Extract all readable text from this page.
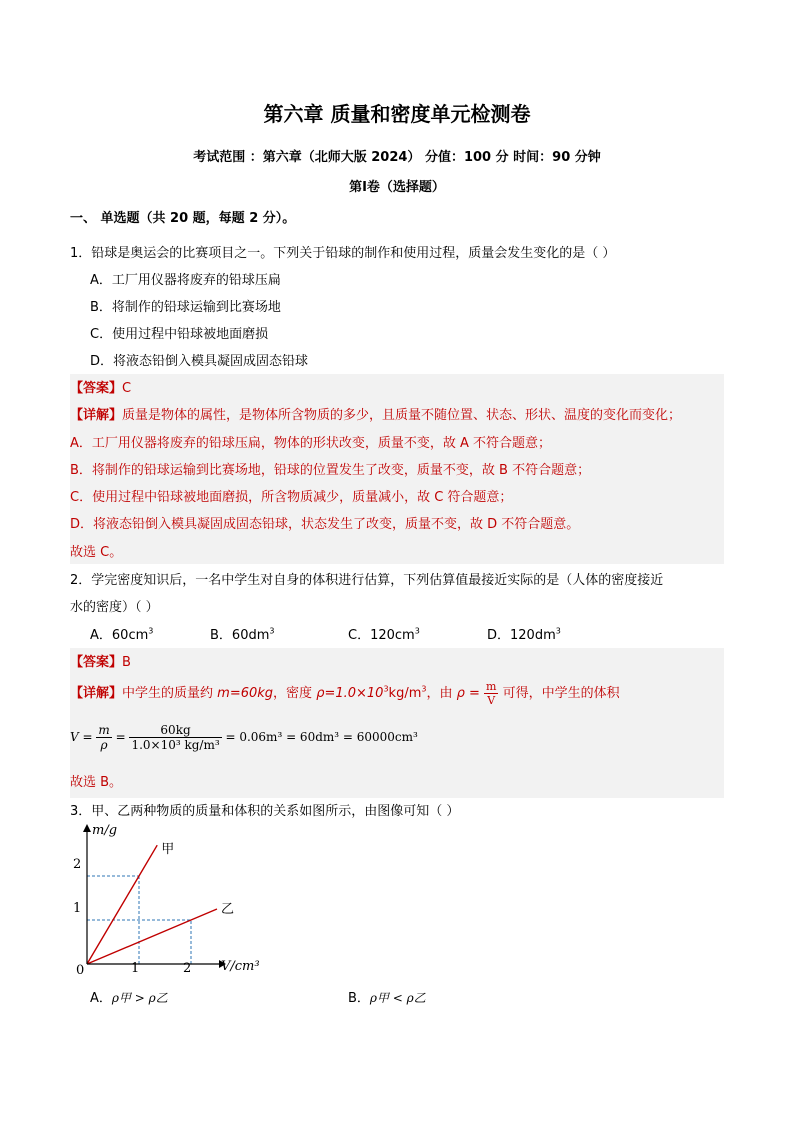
第六章 质量和密度单元检测卷
考试范围 ：第六章（北师大版 2024） 分值：100 分 时间：90 分钟
第Ⅰ卷（选择题）
一、 单选题（共 20 题，每题 2 分）。
1．铅球是奥运会的比赛项目之一。下列关于铅球的制作和使用过程，质量会发生变化的是（ ）
A．工厂用仪器将废弃的铅球压扁
B．将制作的铅球运输到比赛场地
C．使用过程中铅球被地面磨损
D．将液态铅倒入模具凝固成固态铅球
【答案】C
【详解】质量是物体的属性，是物体所含物质的多少，且质量不随位置、状态、形状、温度的变化而变化；
A．工厂用仪器将废弃的铅球压扁，物体的形状改变，质量不变，故 A 不符合题意；
B．将制作的铅球运输到比赛场地，铅球的位置发生了改变，质量不变，故 B 不符合题意；
C．使用过程中铅球被地面磨损，所含物质减少，质量减小，故 C 符合题意；
D．将液态铅倒入模具凝固成固态铅球，状态发生了改变，质量不变，故 D 不符合题意。
故选 C。
2．学完密度知识后，一名中学生对自身的体积进行估算，下列估算值最接近实际的是（人体的密度接近
水的密度）（ ）
A．$60cm^3$	B．$60dm^3$	C．$120cm^3$	D．$120dm^3$
【答案】B
【详解】中学生的质量约 m=60kg，密度 $\rho=1.0\times 10^3kg/m^3$，由 $\rho = \frac{m}{V}$ 可得，中学生的体积
$V = \frac{m}{\rho} = \frac{60kg}{\text{1.0×10³ kg/m³}} = 0.06m^3 = 60dm^3 = 60000cm^3$
故选 B。
3．甲、乙两种物质的质量和体积的关系如图所示，由图像可知（ ）
m/g
V/cm³
0	1	2
1
2
甲
乙
A．ρ甲 > ρ乙	B．ρ甲 < ρ乙
